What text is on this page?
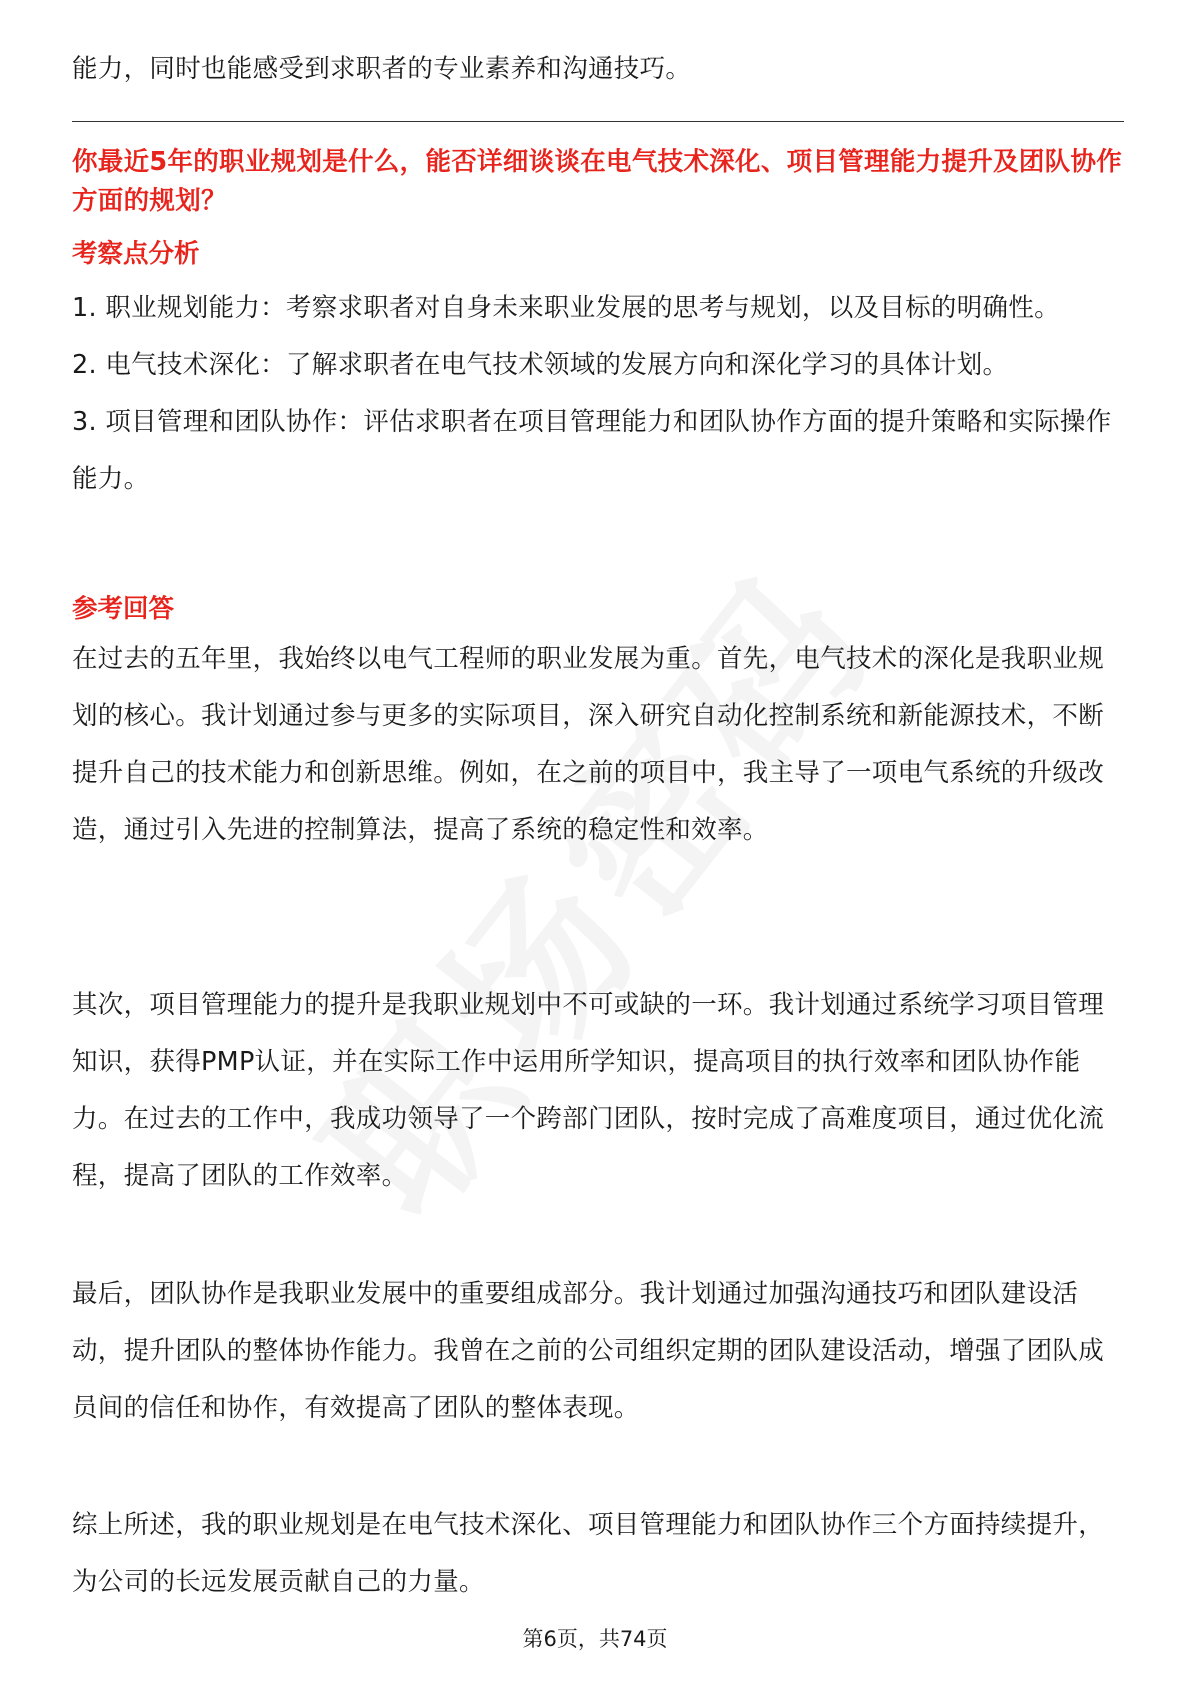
能力，同时也能感受到求职者的专业素养和沟通技巧。

你最近5年的职业规划是什么，能否详细谈谈在电气技术深化、项目管理能力提升及团队协作方面的规划？
考察点分析
1. 职业规划能力：考察求职者对自身未来职业发展的思考与规划，以及目标的明确性。
2. 电气技术深化：了解求职者在电气技术领域的发展方向和深化学习的具体计划。
3. 项目管理和团队协作：评估求职者在项目管理能力和团队协作方面的提升策略和实际操作能力。
参考回答

在过去的五年里，我始终以电气工程师的职业发展为重。首先，电气技术的深化是我职业规划的核心。我计划通过参与更多的实际项目，深入研究自动化控制系统和新能源技术，不断提升自己的技术能力和创新思维。例如，在之前的项目中，我主导了一项电气系统的升级改造，通过引入先进的控制算法，提高了系统的稳定性和效率。

其次，项目管理能力的提升是我职业规划中不可或缺的一环。我计划通过系统学习项目管理知识，获得PMP认证，并在实际工作中运用所学知识，提高项目的执行效率和团队协作能力。在过去的工作中，我成功领导了一个跨部门团队，按时完成了高难度项目，通过优化流程，提高了团队的工作效率。

最后，团队协作是我职业发展中的重要组成部分。我计划通过加强沟通技巧和团队建设活动，提升团队的整体协作能力。我曾在之前的公司组织定期的团队建设活动，增强了团队成员间的信任和协作，有效提高了团队的整体表现。

综上所述，我的职业规划是在电气技术深化、项目管理能力和团队协作三个方面持续提升，为公司的长远发展贡献自己的力量。

第6页，共74页
